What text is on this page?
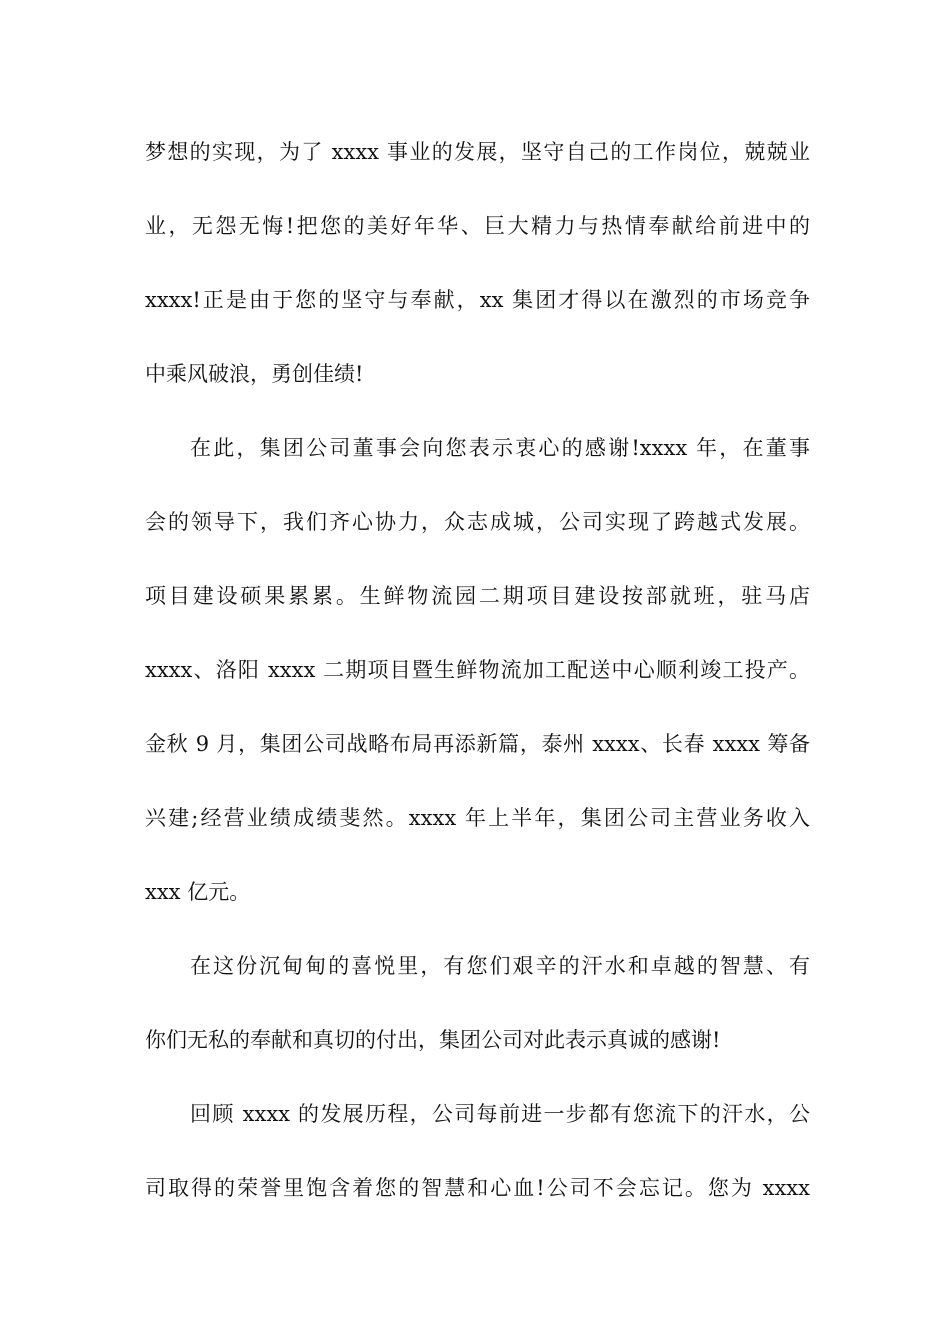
梦想的实现，为了 xxxx 事业的发展，坚守自己的工作岗位，兢兢业
业，无怨无悔!把您的美好年华、巨大精力与热情奉献给前进中的
xxxx!正是由于您的坚守与奉献，xx 集团才得以在激烈的市场竞争
中乘风破浪，勇创佳绩!
在此，集团公司董事会向您表示衷心的感谢!xxxx 年，在董事
会的领导下，我们齐心协力，众志成城，公司实现了跨越式发展。
项目建设硕果累累。生鲜物流园二期项目建设按部就班，驻马店
xxxx、洛阳 xxxx 二期项目暨生鲜物流加工配送中心顺利竣工投产。
金秋 9 月，集团公司战略布局再添新篇，泰州 xxxx、长春 xxxx 筹备
兴建;经营业绩成绩斐然。xxxx 年上半年，集团公司主营业务收入
xxx 亿元。
在这份沉甸甸的喜悦里，有您们艰辛的汗水和卓越的智慧、有
你们无私的奉献和真切的付出，集团公司对此表示真诚的感谢!
回顾 xxxx 的发展历程，公司每前进一步都有您流下的汗水，公
司取得的荣誉里饱含着您的智慧和心血!公司不会忘记。您为 xxxx
